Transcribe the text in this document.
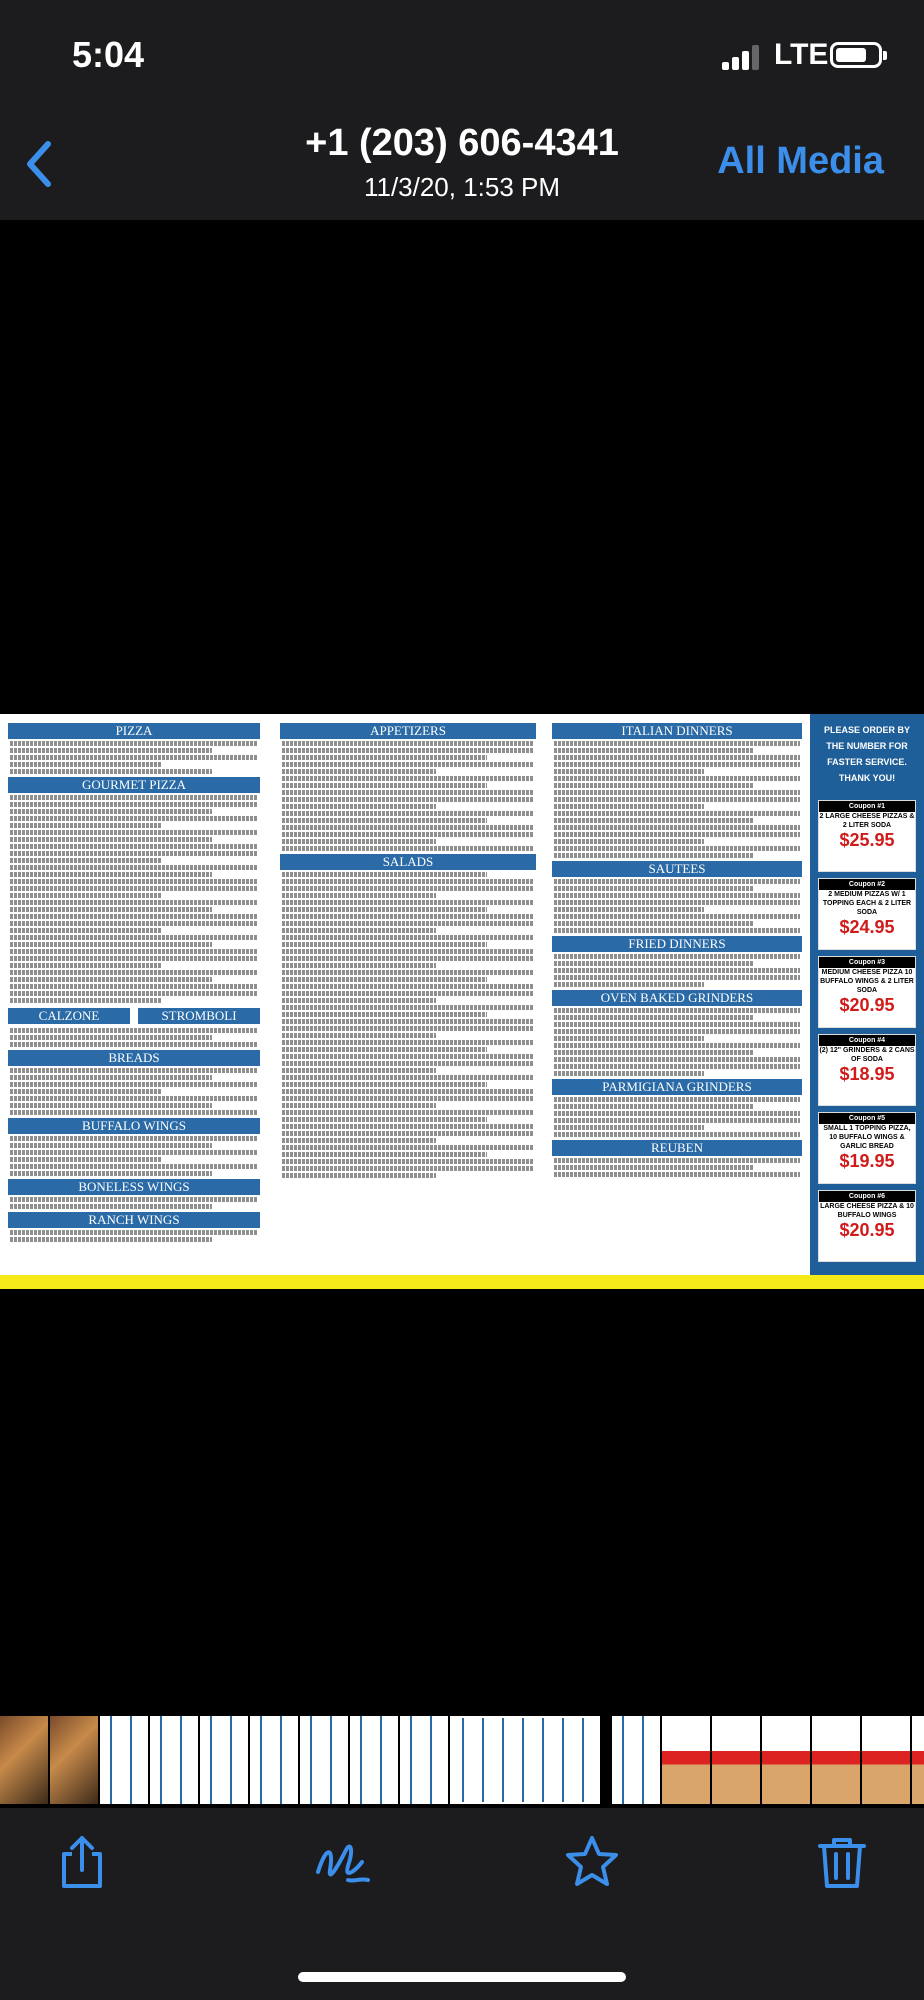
5:04	LTE
+1 (203) 606-4341
11/3/20, 1:53 PM
All Media
PIZZA
GOURMET PIZZA
CALZONE	STROMBOLI
BREADS
BUFFALO WINGS
BONELESS WINGS
RANCH WINGS
APPETIZERS
SALADS
ITALIAN DINNERS
SAUTEES
FRIED DINNERS
OVEN BAKED GRINDERS
PARMIGIANA GRINDERS
REUBEN
PLEASE ORDER BY THE NUMBER FOR FASTER SERVICE. THANK YOU!
Coupon #1
2 LARGE CHEESE PIZZAS & 2 LITER SODA
$25.95
Coupon #2
2 MEDIUM PIZZAS W/ 1 TOPPING EACH & 2 LITER SODA
$24.95
Coupon #3
MEDIUM CHEESE PIZZA 10 BUFFALO WINGS & 2 LITER SODA
$20.95
Coupon #4
(2) 12" GRINDERS & 2 CANS OF SODA
$18.95
Coupon #5
SMALL 1 TOPPING PIZZA, 10 BUFFALO WINGS & GARLIC BREAD
$19.95
Coupon #6
LARGE CHEESE PIZZA & 10 BUFFALO WINGS
$20.95
